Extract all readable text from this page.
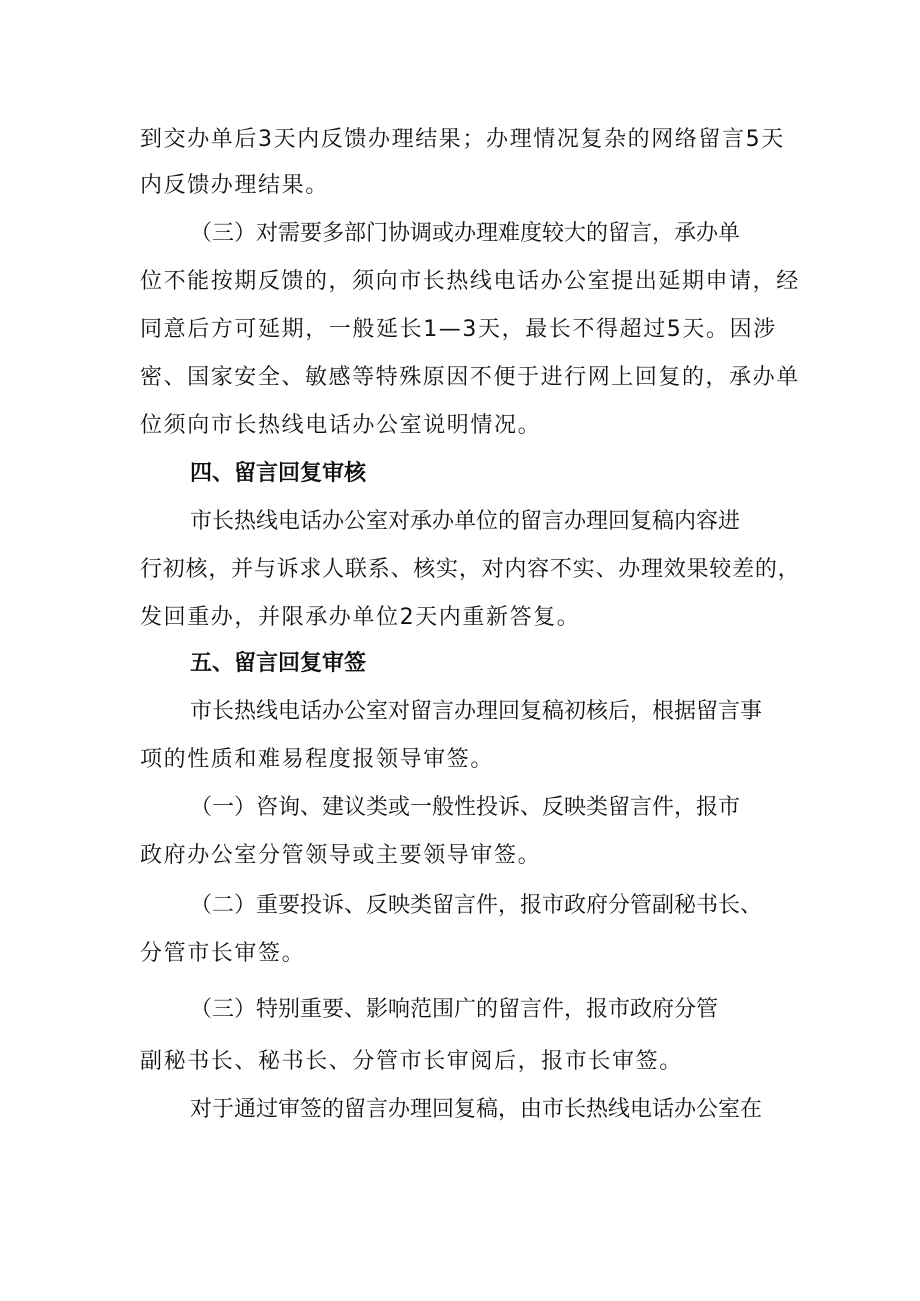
到交办单后3天内反馈办理结果；办理情况复杂的网络留言5天
内反馈办理结果。
（三）对需要多部门协调或办理难度较大的留言，承办单
位不能按期反馈的，须向市长热线电话办公室提出延期申请，经
同意后方可延期，一般延长1—3天，最长不得超过5天。因涉
密、国家安全、敏感等特殊原因不便于进行网上回复的，承办单
位须向市长热线电话办公室说明情况。
四、留言回复审核
市长热线电话办公室对承办单位的留言办理回复稿内容进
行初核，并与诉求人联系、核实，对内容不实、办理效果较差的，
发回重办，并限承办单位2天内重新答复。
五、留言回复审签
市长热线电话办公室对留言办理回复稿初核后，根据留言事
项的性质和难易程度报领导审签。
（一）咨询、建议类或一般性投诉、反映类留言件，报市
政府办公室分管领导或主要领导审签。
（二）重要投诉、反映类留言件，报市政府分管副秘书长、
分管市长审签。
（三）特别重要、影响范围广的留言件，报市政府分管
副秘书长、秘书长、分管市长审阅后，报市长审签。
对于通过审签的留言办理回复稿，由市长热线电话办公室在
